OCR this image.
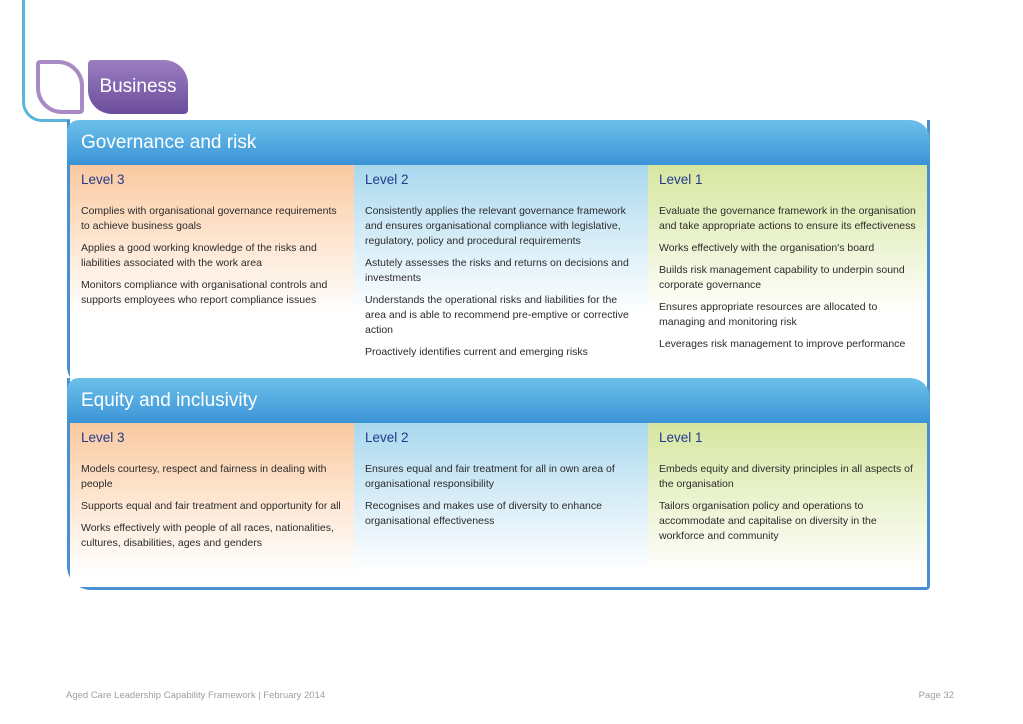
Business
Governance and risk
Level 3
Complies with organisational governance requirements to achieve business goals
Applies a good working knowledge of the risks and liabilities associated with the work area
Monitors compliance with organisational controls and supports employees who report compliance issues
Level 2
Consistently applies the relevant governance framework and ensures organisational compliance with legislative, regulatory, policy and procedural requirements
Astutely assesses the risks and returns on decisions and investments
Understands the operational risks and liabilities for the area and is able to recommend pre-emptive or corrective action
Proactively identifies current and emerging risks
Level 1
Evaluate the governance framework in the organisation and take appropriate actions to ensure its effectiveness
Works effectively with the organisation's board
Builds risk management capability to underpin sound corporate governance
Ensures appropriate resources are allocated to managing and monitoring risk
Leverages risk management to improve performance
Equity and inclusivity
Level 3
Models courtesy, respect and fairness in dealing with people
Supports equal and fair treatment and opportunity for all
Works effectively with people of all races, nationalities, cultures, disabilities, ages and genders
Level 2
Ensures equal and fair treatment for all in own area of organisational responsibility
Recognises and makes use of diversity to enhance organisational effectiveness
Level 1
Embeds equity and diversity principles in all aspects of the organisation
Tailors organisation policy and operations to accommodate and capitalise on diversity in the workforce and community
Aged Care Leadership Capability Framework | February 2014	Page 32
